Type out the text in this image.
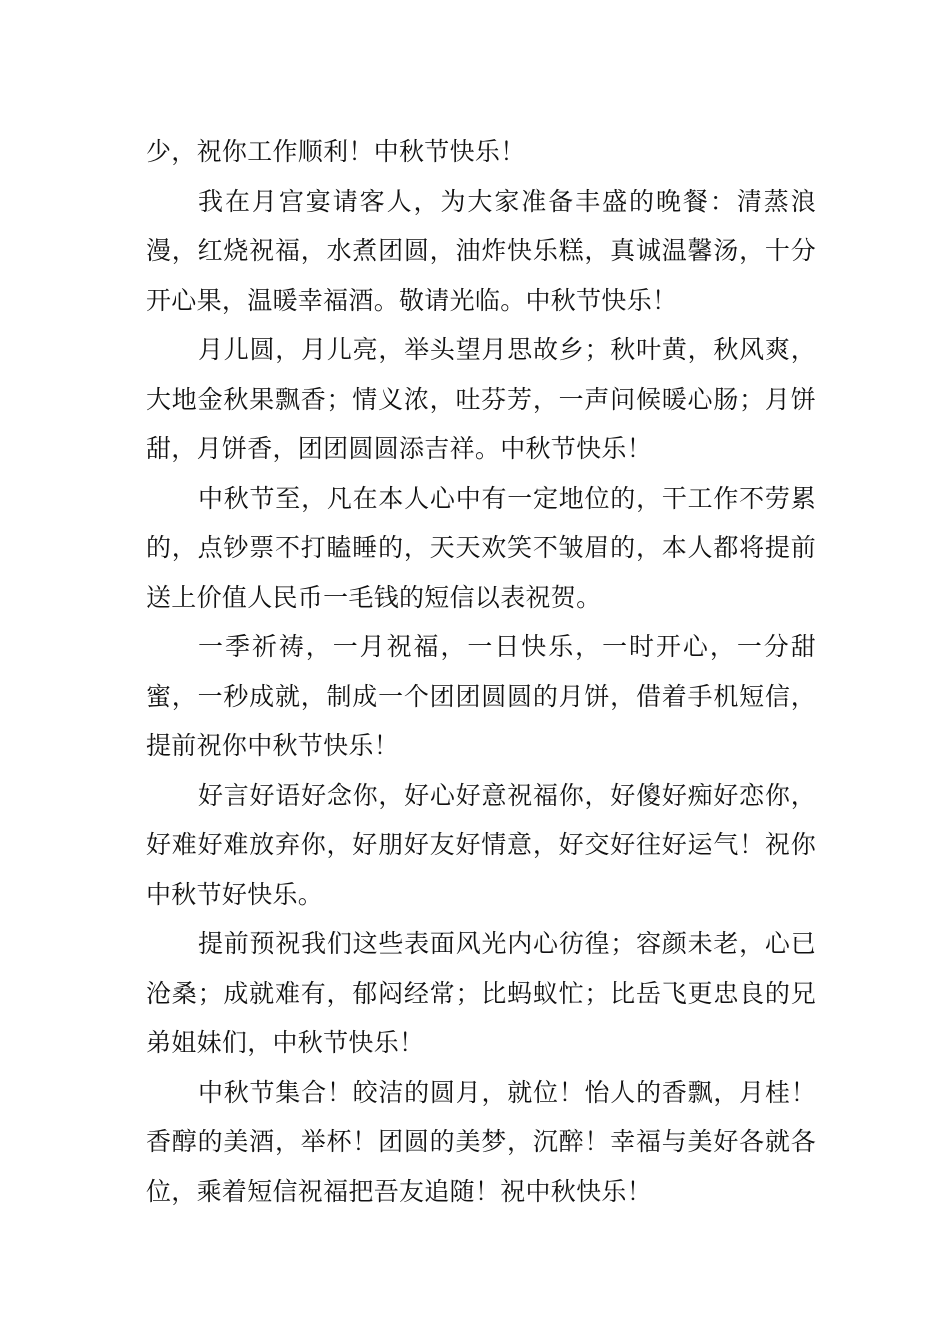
少，祝你工作顺利！中秋节快乐！

我在月宫宴请客人，为大家准备丰盛的晚餐：清蒸浪漫，红烧祝福，水煮团圆，油炸快乐糕，真诚温馨汤，十分开心果，温暖幸福酒。敬请光临。中秋节快乐！

月儿圆，月儿亮，举头望月思故乡；秋叶黄，秋风爽，大地金秋果飘香；情义浓，吐芬芳，一声问候暖心肠；月饼甜，月饼香，团团圆圆添吉祥。中秋节快乐！

中秋节至，凡在本人心中有一定地位的，干工作不劳累的，点钞票不打瞌睡的，天天欢笑不皱眉的，本人都将提前送上价值人民币一毛钱的短信以表祝贺。

一季祈祷，一月祝福，一日快乐，一时开心，一分甜蜜，一秒成就，制成一个团团圆圆的月饼，借着手机短信，提前祝你中秋节快乐！

好言好语好念你，好心好意祝福你，好傻好痴好恋你，好难好难放弃你，好朋好友好情意，好交好往好运气！祝你中秋节好快乐。

提前预祝我们这些表面风光内心彷徨；容颜未老，心已沧桑；成就难有，郁闷经常；比蚂蚁忙；比岳飞更忠良的兄弟姐妹们，中秋节快乐！

中秋节集合！皎洁的圆月，就位！怡人的香飘，月桂！香醇的美酒，举杯！团圆的美梦，沉醉！幸福与美好各就各位，乘着短信祝福把吾友追随！祝中秋快乐！
